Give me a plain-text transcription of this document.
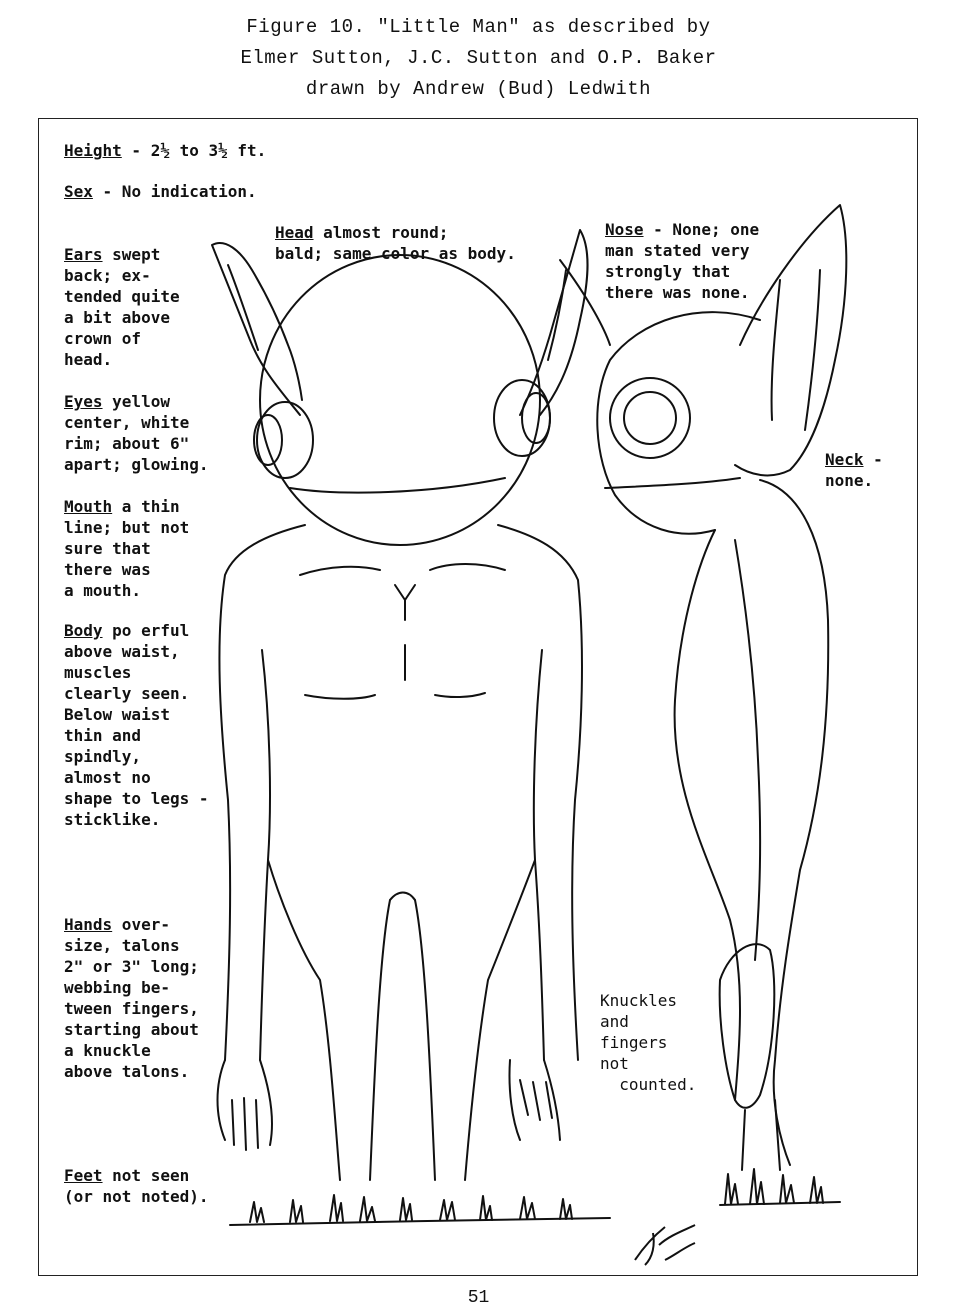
Figure 10. "Little Man" as described by
Elmer Sutton, J.C. Sutton and O.P. Baker
drawn by Andrew (Bud) Ledwith
Height - 2½ to 3½ ft.
Sex - No indication.
Ears swept
back; ex-
tended quite
a bit above
crown of
head.
Eyes yellow
center, white
rim; about 6"
apart; glowing.
Mouth a thin
line; but not
sure that
there was
a mouth.
Body po erful
above waist,
muscles
clearly seen.
Below waist
thin and
spindly,
almost no
shape to legs -
sticklike.
Hands over-
size, talons
2" or 3" long;
webbing be-
tween fingers,
starting about
a knuckle
above talons.
Feet not seen
(or not noted).
Head almost round;
bald; same color as body.
Nose - None; one
man stated very
strongly that
there was none.
Neck -
none.
Knuckles
and
fingers
not
counted.
51
